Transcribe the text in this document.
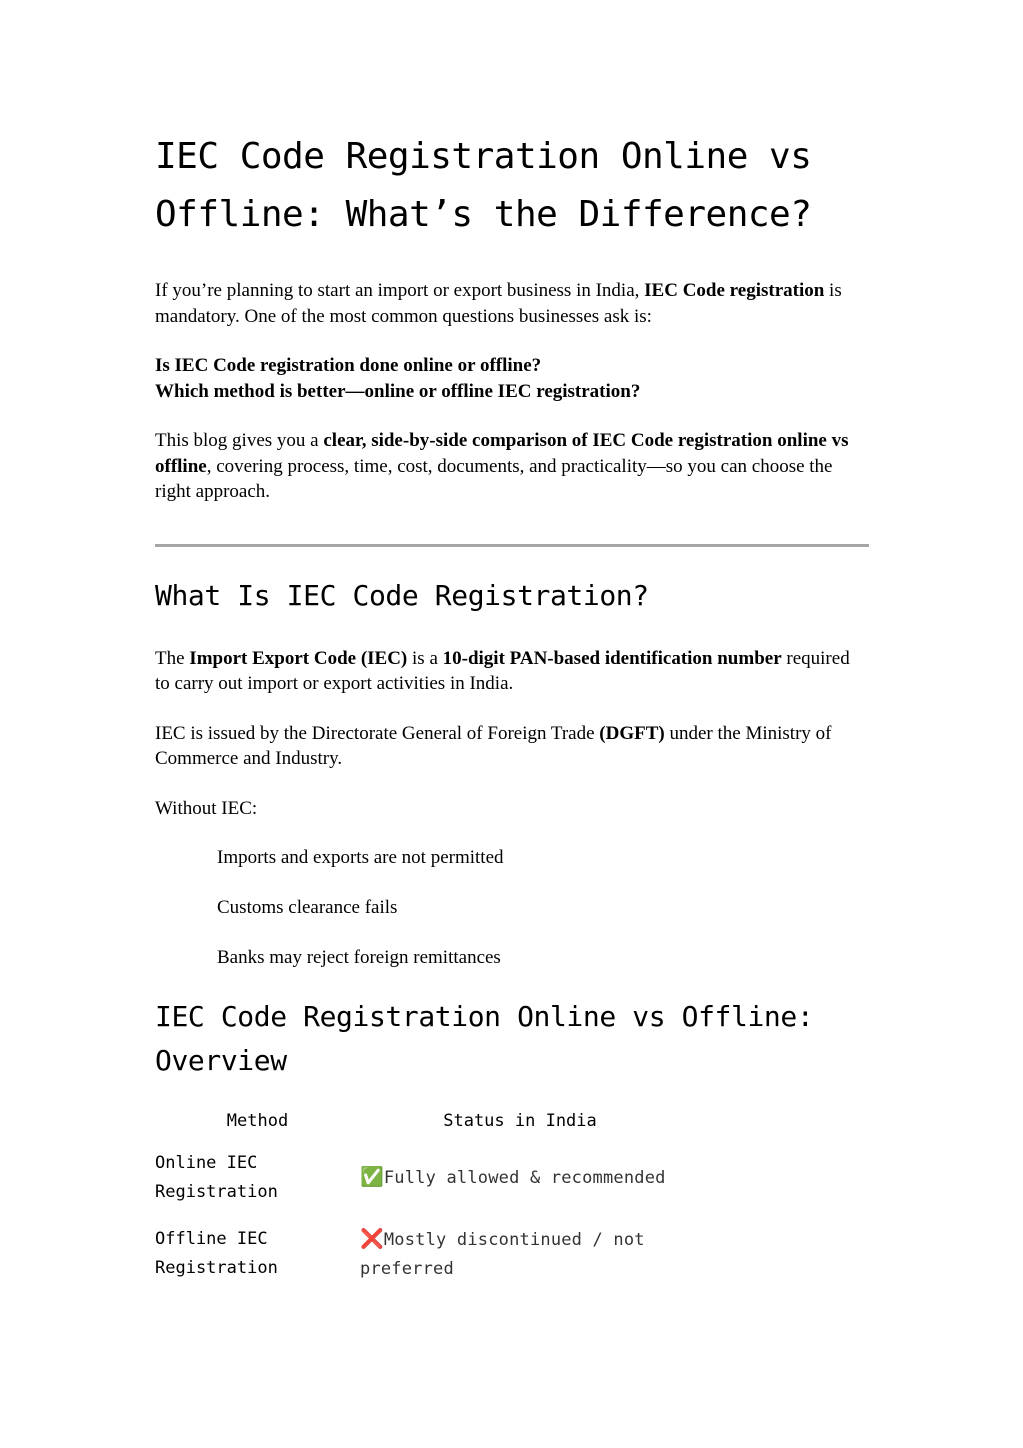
IEC Code Registration Online vs Offline: What’s the Difference?

If you’re planning to start an import or export business in India, IEC Code registration is mandatory. One of the most common questions businesses ask is:

Is IEC Code registration done online or offline?
Which method is better—online or offline IEC registration?

This blog gives you a clear, side-by-side comparison of IEC Code registration online vs offline, covering process, time, cost, documents, and practicality—so you can choose the right approach.

What Is IEC Code Registration?

The Import Export Code (IEC) is a 10-digit PAN-based identification number required to carry out import or export activities in India.

IEC is issued by the Directorate General of Foreign Trade (DGFT) under the Ministry of Commerce and Industry.

Without IEC:

Imports and exports are not permitted

Customs clearance fails

Banks may reject foreign remittances

IEC Code Registration Online vs Offline: Overview
Method	Status in India
Online IEC Registration	✅Fully allowed & recommended
Offline IEC Registration	❌Mostly discontinued / not preferred
